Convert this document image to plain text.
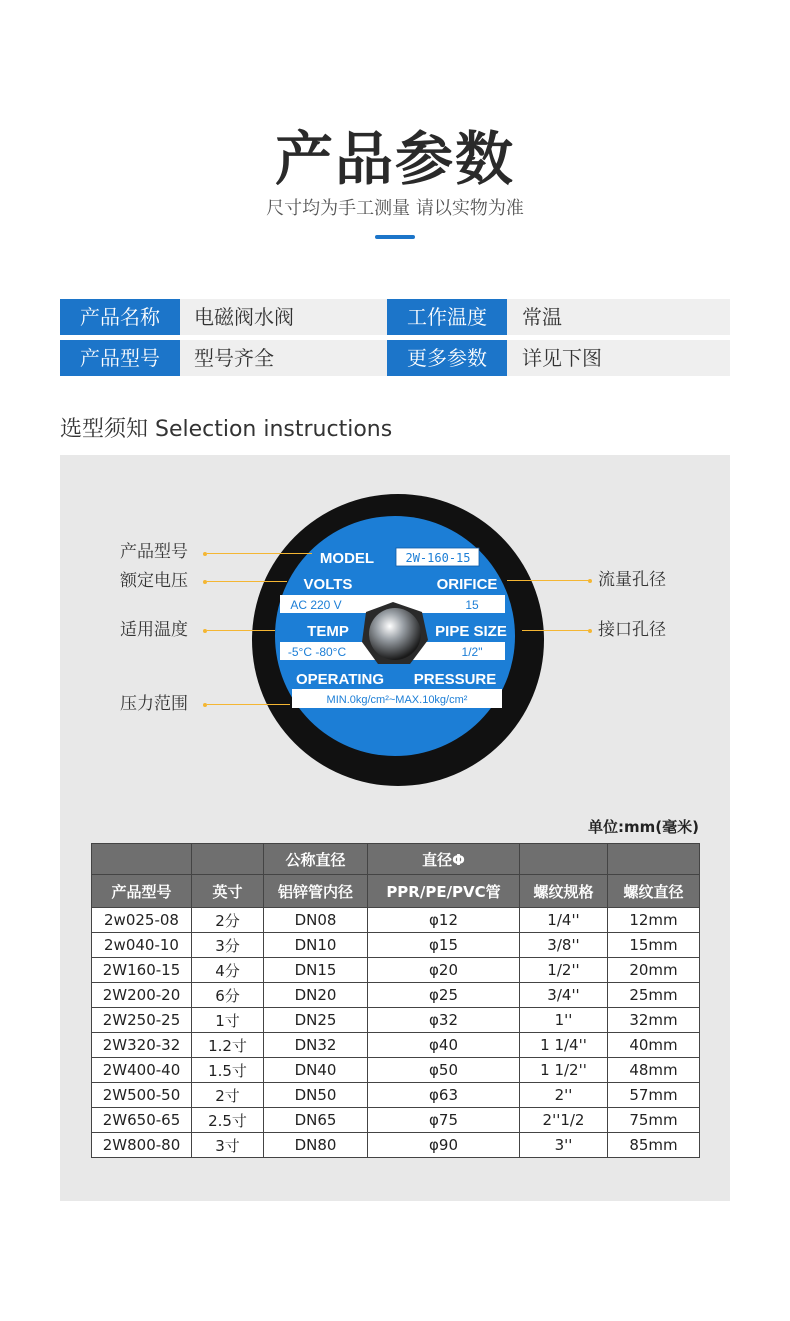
产品参数
尺寸均为手工测量 请以实物为准
产品名称	电磁阀水阀	工作温度	常温
产品型号	型号齐全	更多参数	详见下图
选型须知 Selection instructions
MODEL	2W-160-15
VOLTS	ORIFICE
AC 220 V	15
TEMP	PIPE SIZE
-5°C -80°C	1/2"
OPERATING PRESSURE
MIN.0kg/cm²~MAX.10kg/cm²
产品型号
额定电压
适用温度
压力范围
流量孔径
接口孔径
单位:mm(毫米)
		公称直径	直径Φ		
产品型号	英寸	铝锌管内径	PPR/PE/PVC管	螺纹规格	螺纹直径
2w025-08	2分	DN08	φ12	1/4''	12mm
2w040-10	3分	DN10	φ15	3/8''	15mm
2W160-15	4分	DN15	φ20	1/2''	20mm
2W200-20	6分	DN20	φ25	3/4''	25mm
2W250-25	1寸	DN25	φ32	1''	32mm
2W320-32	1.2寸	DN32	φ40	1 1/4''	40mm
2W400-40	1.5寸	DN40	φ50	1 1/2''	48mm
2W500-50	2寸	DN50	φ63	2''	57mm
2W650-65	2.5寸	DN65	φ75	2''1/2	75mm
2W800-80	3寸	DN80	φ90	3''	85mm
